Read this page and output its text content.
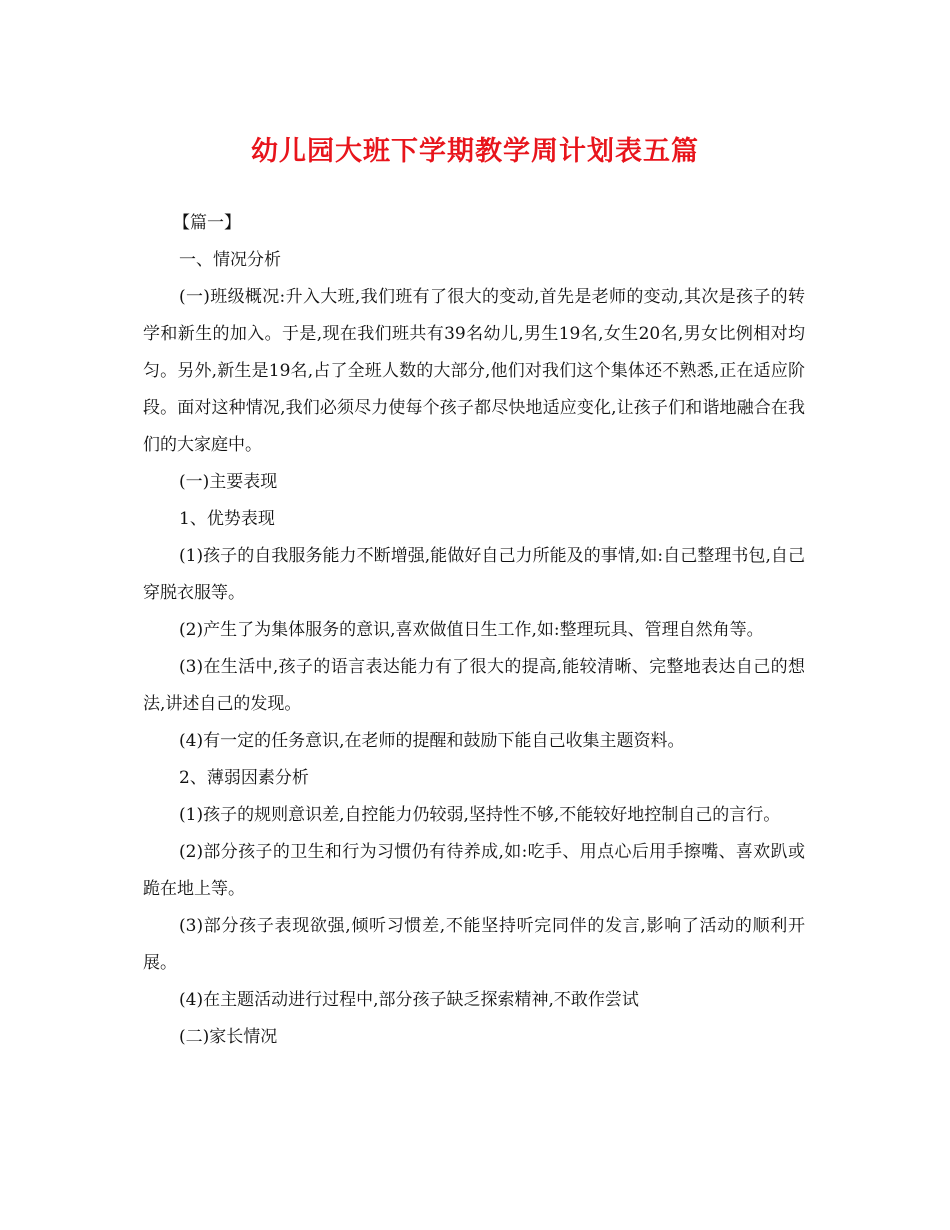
幼儿园大班下学期教学周计划表五篇

【篇一】

一、情况分析

(一)班级概况:升入大班,我们班有了很大的变动,首先是老师的变动,其次是孩子的转学和新生的加入。于是,现在我们班共有39名幼儿,男生19名,女生20名,男女比例相对均匀。另外,新生是19名,占了全班人数的大部分,他们对我们这个集体还不熟悉,正在适应阶段。面对这种情况,我们必须尽力使每个孩子都尽快地适应变化,让孩子们和谐地融合在我们的大家庭中。

(一)主要表现

1、优势表现

(1)孩子的自我服务能力不断增强,能做好自己力所能及的事情,如:自己整理书包,自己穿脱衣服等。

(2)产生了为集体服务的意识,喜欢做值日生工作,如:整理玩具、管理自然角等。

(3)在生活中,孩子的语言表达能力有了很大的提高,能较清晰、完整地表达自己的想法,讲述自己的发现。

(4)有一定的任务意识,在老师的提醒和鼓励下能自己收集主题资料。

2、薄弱因素分析

(1)孩子的规则意识差,自控能力仍较弱,坚持性不够,不能较好地控制自己的言行。

(2)部分孩子的卫生和行为习惯仍有待养成,如:吃手、用点心后用手擦嘴、喜欢趴或跪在地上等。

(3)部分孩子表现欲强,倾听习惯差,不能坚持听完同伴的发言,影响了活动的顺利开展。

(4)在主题活动进行过程中,部分孩子缺乏探索精神,不敢作尝试

(二)家长情况
